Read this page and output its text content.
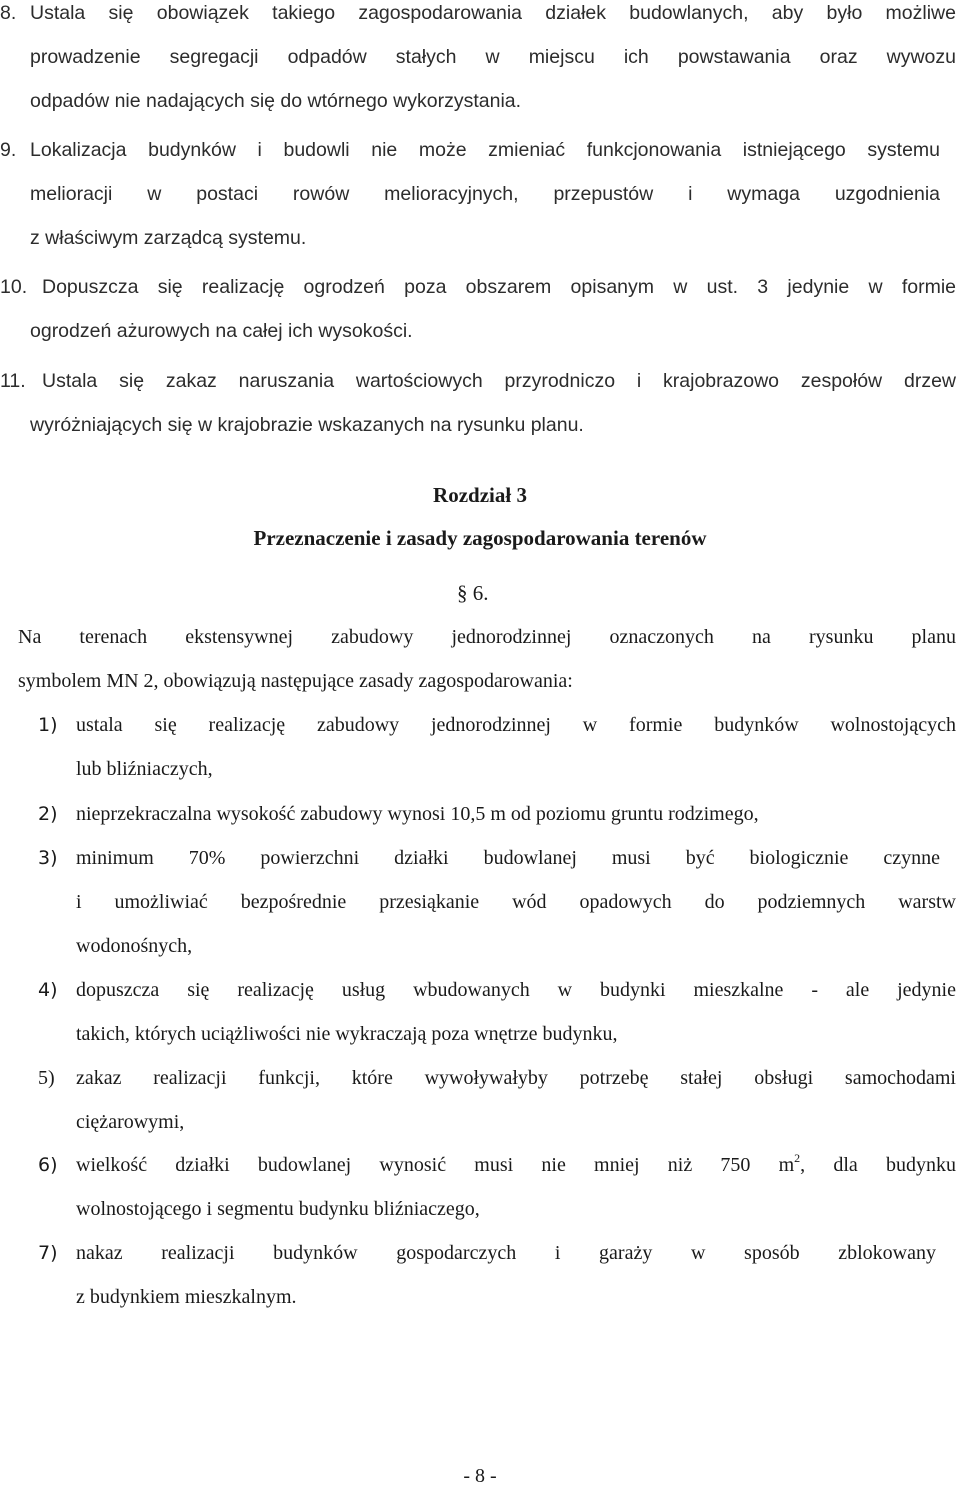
8. Ustala się obowiązek takiego zagospodarowania działek budowlanych, aby było możliwe
prowadzenie segregacji odpadów stałych w miejscu ich powstawania oraz wywozu
odpadów nie nadających się do wtórnego wykorzystania.
9. Lokalizacja budynków i budowli nie może zmieniać funkcjonowania istniejącego systemu
melioracji w postaci rowów melioracyjnych, przepustów i wymaga uzgodnienia
z właściwym zarządcą systemu.
10. Dopuszcza się realizację ogrodzeń poza obszarem opisanym w ust. 3 jedynie w formie
ogrodzeń ażurowych na całej ich wysokości.
11. Ustala się zakaz naruszania wartościowych przyrodniczo i krajobrazowo zespołów drzew
wyróżniających się w krajobrazie wskazanych na rysunku planu.
Rozdział 3
Przeznaczenie i zasady zagospodarowania terenów

§ 6.

Na terenach ekstensywnej zabudowy jednorodzinnej oznaczonych na rysunku planu
symbolem MN 2, obowiązują następujące zasady zagospodarowania:
1) ustala się realizację zabudowy jednorodzinnej w formie budynków wolnostojących
lub bliźniaczych,
2) nieprzekraczalna wysokość zabudowy wynosi 10,5 m od poziomu gruntu rodzimego,
3) minimum 70% powierzchni działki budowlanej musi być biologicznie czynne
i umożliwiać bezpośrednie przesiąkanie wód opadowych do podziemnych warstw
wodonośnych,
4) dopuszcza się realizację usług wbudowanych w budynki mieszkalne - ale jedynie
takich, których uciążliwości nie wykraczają poza wnętrze budynku,
5) zakaz realizacji funkcji, które wywoływałyby potrzebę stałej obsługi samochodami
ciężarowymi,
6) wielkość działki budowlanej wynosić musi nie mniej niż 750 $m^2$, dla budynku
wolnostojącego i segmentu budynku bliźniaczego,
7) nakaz realizacji budynków gospodarczych i garaży w sposób zblokowany
z budynkiem mieszkalnym.

- 8 -
